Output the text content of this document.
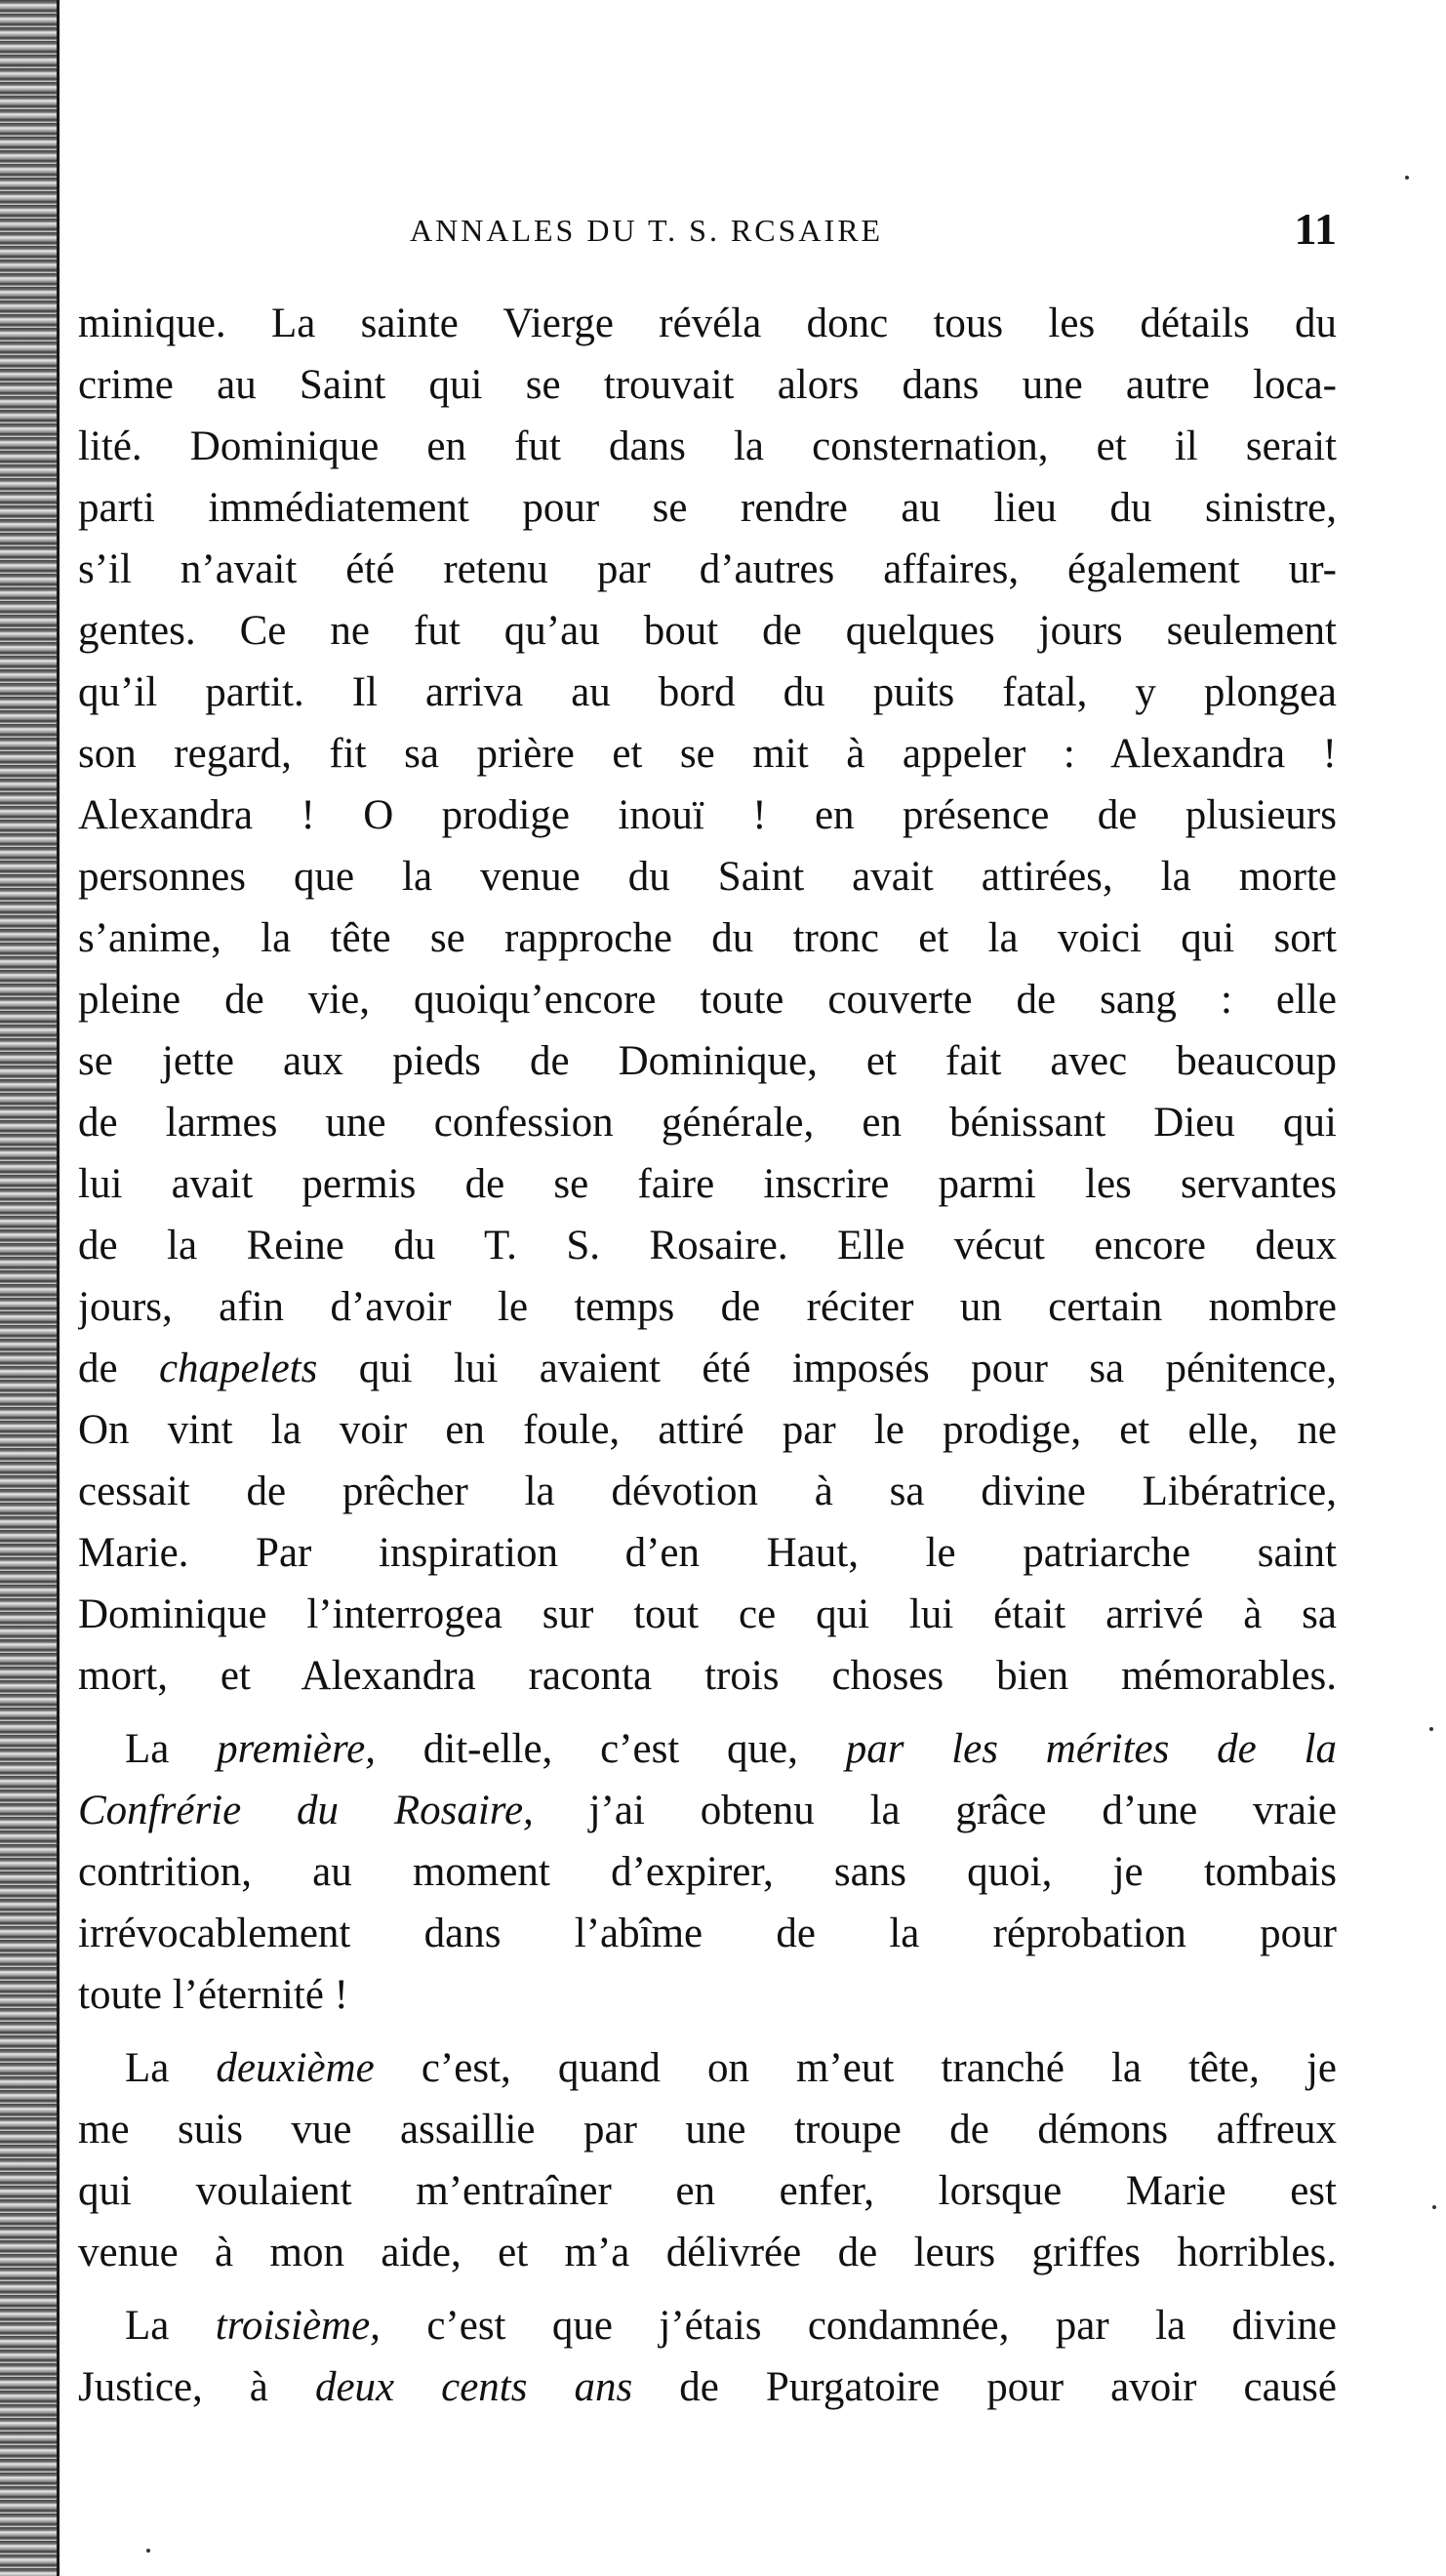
ANNALES DU T. S. RCSAIRE	11
minique. La sainte Vierge révéla donc tous les détails du
crime au Saint qui se trouvait alors dans une autre loca-
lité. Dominique en fut dans la consternation, et il serait
parti immédiatement pour se rendre au lieu du sinistre,
s’il n’avait été retenu par d’autres affaires, également ur-
gentes. Ce ne fut qu’au bout de quelques jours seulement
qu’il partit. Il arriva au bord du puits fatal, y plongea
son regard, fit sa prière et se mit à appeler : Alexandra !
Alexandra ! O prodige inouï ! en présence de plusieurs
personnes que la venue du Saint avait attirées, la morte
s’anime, la tête se rapproche du tronc et la voici qui sort
pleine de vie, quoiqu’encore toute couverte de sang : elle
se jette aux pieds de Dominique, et fait avec beaucoup
de larmes une confession générale, en bénissant Dieu qui
lui avait permis de se faire inscrire parmi les servantes
de la Reine du T. S. Rosaire. Elle vécut encore deux
jours, afin d’avoir le temps de réciter un certain nombre
de chapelets qui lui avaient été imposés pour sa pénitence,
On vint la voir en foule, attiré par le prodige, et elle, ne
cessait de prêcher la dévotion à sa divine Libératrice,
Marie. Par inspiration d’en Haut, le patriarche saint
Dominique l’interrogea sur tout ce qui lui était arrivé à sa
mort, et Alexandra raconta trois choses bien mémorables.
La première, dit-elle, c’est que, par les mérites de la
Confrérie du Rosaire, j’ai obtenu la grâce d’une vraie
contrition, au moment d’expirer, sans quoi, je tombais
irrévocablement dans l’abîme de la réprobation pour
toute l’éternité !
La deuxième c’est, quand on m’eut tranché la tête, je
me suis vue assaillie par une troupe de démons affreux
qui voulaient m’entraîner en enfer, lorsque Marie est
venue à mon aide, et m’a délivrée de leurs griffes horribles.
La troisième, c’est que j’étais condamnée, par la divine
Justice, à deux cents ans de Purgatoire pour avoir causé
